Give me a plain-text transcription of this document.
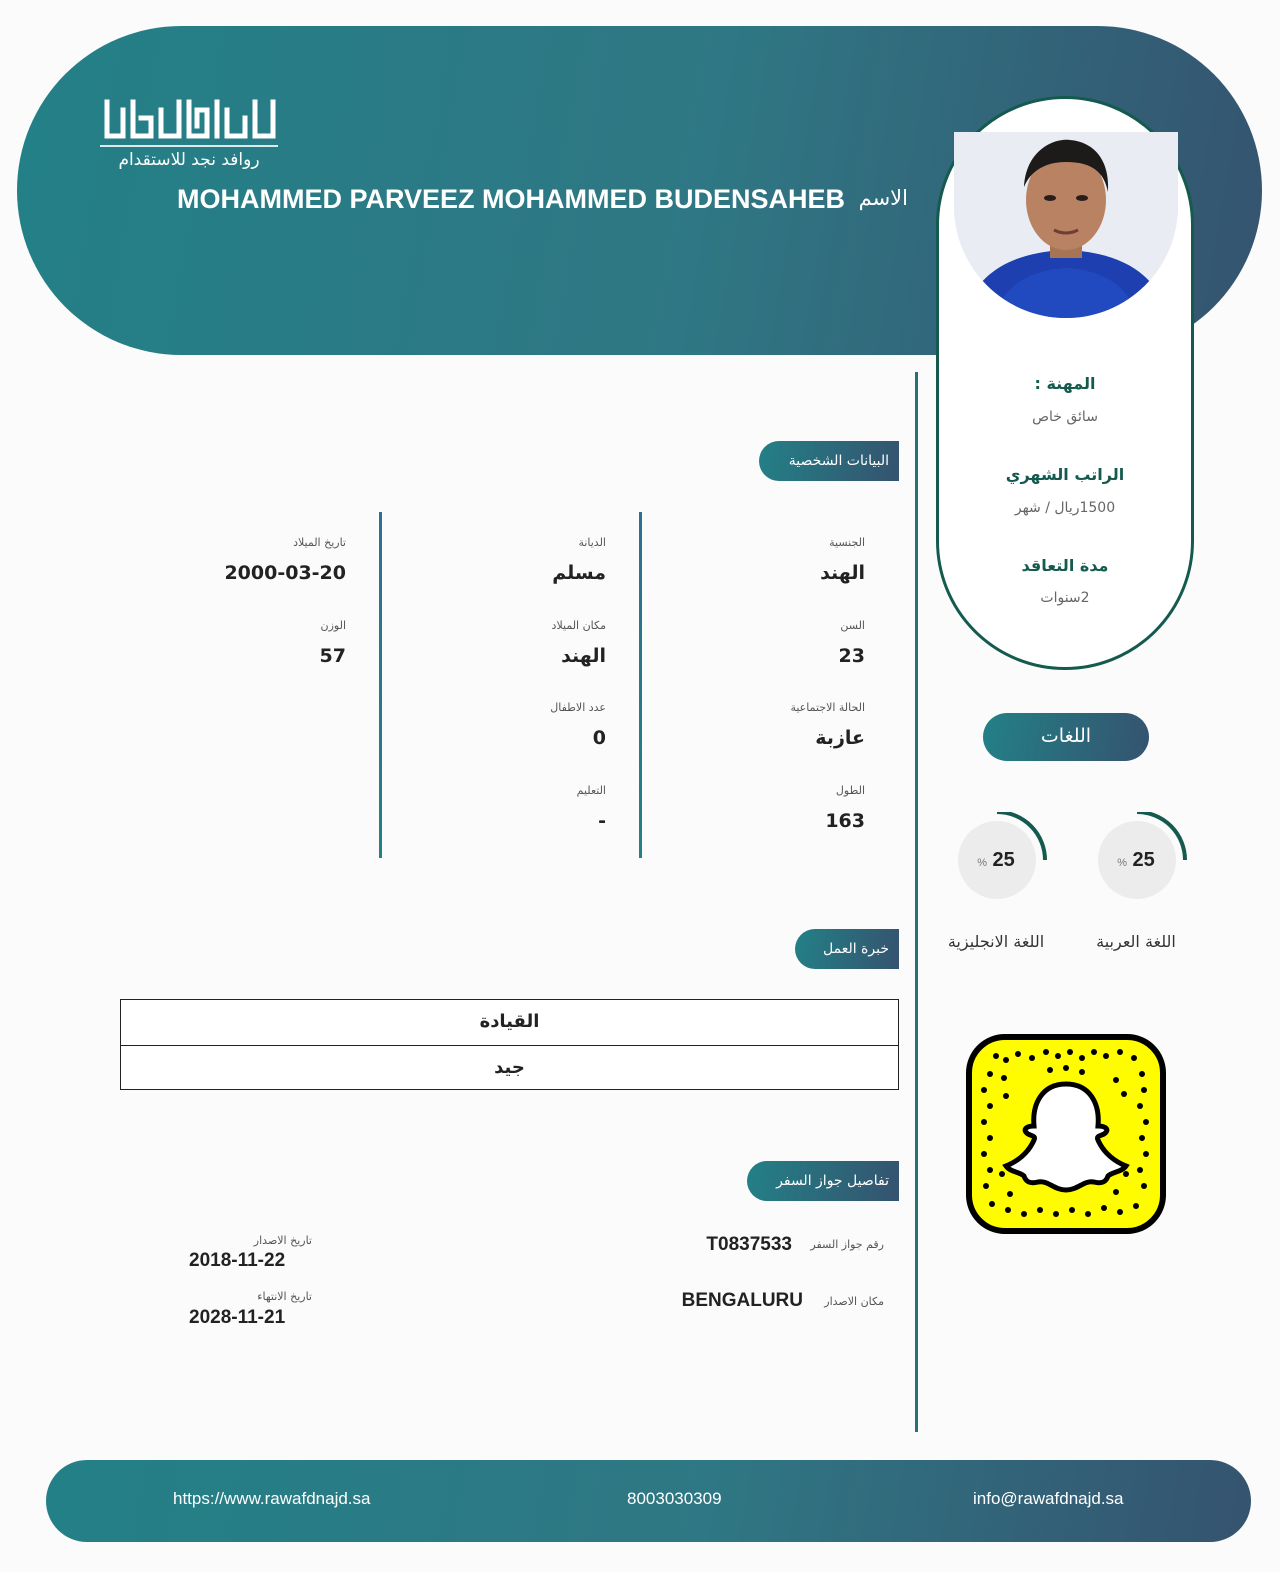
روافد نجد للاستقدام
MOHAMMED PARVEEZ MOHAMMED BUDENSAHEB الاسم
المهنة :
سائق خاص
الراتب الشهري
1500ريال / شهر
مدة التعاقد
2سنوات
اللغات
% 25
اللغة العربية
% 25
اللغة الانجليزية
البيانات الشخصية
الجنسية
الهند
السن
23
الحالة الاجتماعية
عازبة
الطول
163
الديانة
مسلم
مكان الميلاد
الهند
عدد الاطفال
0
التعليم
-
تاريخ الميلاد
2000-03-20
الوزن
57
خبرة العمل
القيادة
جيد
تفاصيل جواز السفر
رقم جواز السفر
T0837533
مكان الاصدار
BENGALURU
تاريخ الاصدار
2018-11-22
تاريخ الانتهاء
2028-11-21
https://www.rawafdnajd.sa	8003030309	info@rawafdnajd.sa
